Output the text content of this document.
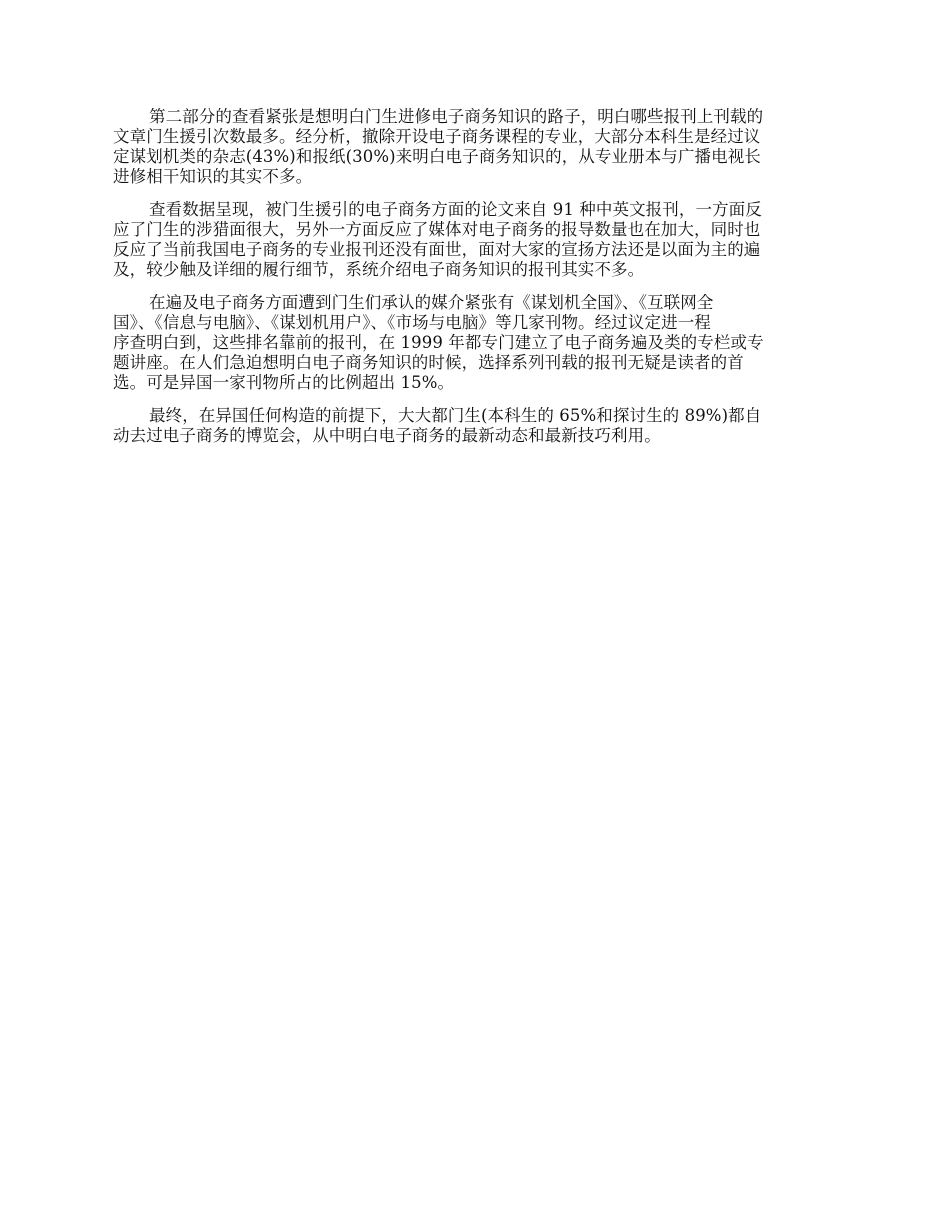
第二部分的查看紧张是想明白门生进修电子商务知识的路子，明白哪些报刊上刊载的
文章门生援引次数最多。经分析，撤除开设电子商务课程的专业，大部分本科生是经过议
定谋划机类的杂志(43%)和报纸(30%)来明白电子商务知识的，从专业册本与广播电视长
进修相干知识的其实不多。

查看数据呈现，被门生援引的电子商务方面的论文来自 91 种中英文报刊，一方面反
应了门生的涉猎面很大，另外一方面反应了媒体对电子商务的报导数量也在加大，同时也
反应了当前我国电子商务的专业报刊还没有面世，面对大家的宣扬方法还是以面为主的遍
及，较少触及详细的履行细节，系统介绍电子商务知识的报刊其实不多。

在遍及电子商务方面遭到门生们承认的媒介紧张有《谋划机全国》、《互联网全
国》、《信息与电脑》、《谋划机用户》、《市场与电脑》等几家刊物。经过议定进一程
序查明白到，这些排名靠前的报刊，在 1999 年都专门建立了电子商务遍及类的专栏或专
题讲座。在人们急迫想明白电子商务知识的时候，选择系列刊载的报刊无疑是读者的首
选。可是异国一家刊物所占的比例超出 15%。

最终，在异国任何构造的前提下，大大都门生(本科生的 65%和探讨生的 89%)都自
动去过电子商务的博览会，从中明白电子商务的最新动态和最新技巧利用。
